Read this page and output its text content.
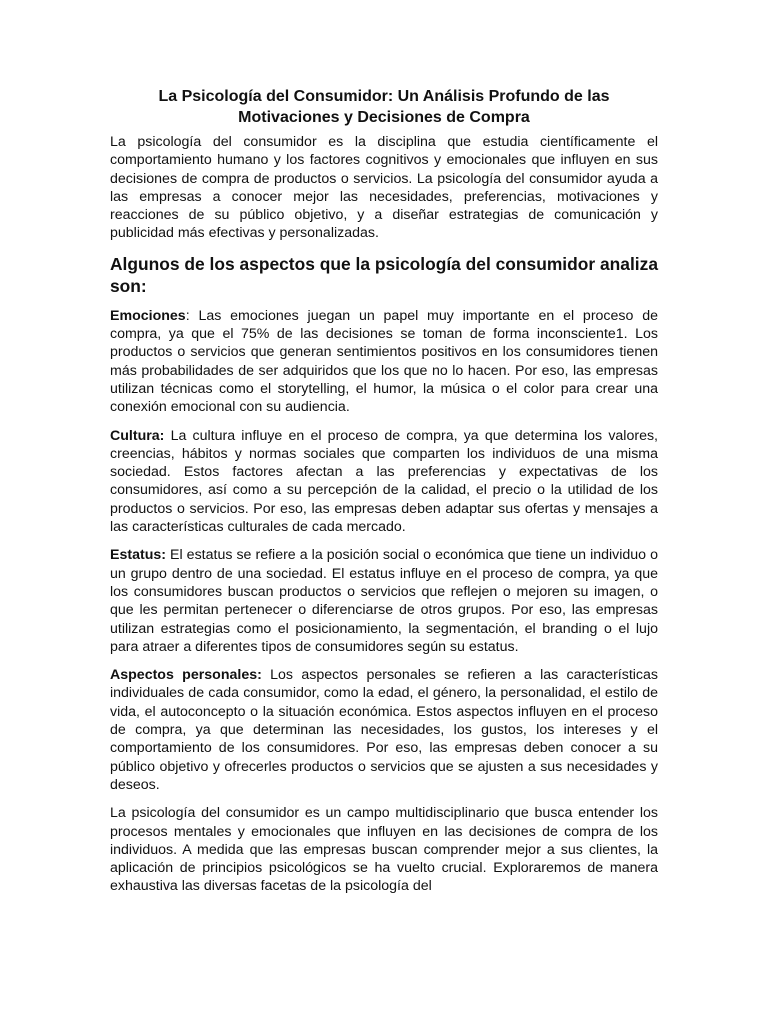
La Psicología del Consumidor: Un Análisis Profundo de las Motivaciones y Decisiones de Compra

La psicología del consumidor es la disciplina que estudia científicamente el comportamiento humano y los factores cognitivos y emocionales que influyen en sus decisiones de compra de productos o servicios. La psicología del consumidor ayuda a las empresas a conocer mejor las necesidades, preferencias, motivaciones y reacciones de su público objetivo, y a diseñar estrategias de comunicación y publicidad más efectivas y personalizadas.

Algunos de los aspectos que la psicología del consumidor analiza son:

Emociones: Las emociones juegan un papel muy importante en el proceso de compra, ya que el 75% de las decisiones se toman de forma inconsciente1. Los productos o servicios que generan sentimientos positivos en los consumidores tienen más probabilidades de ser adquiridos que los que no lo hacen. Por eso, las empresas utilizan técnicas como el storytelling, el humor, la música o el color para crear una conexión emocional con su audiencia.

Cultura: La cultura influye en el proceso de compra, ya que determina los valores, creencias, hábitos y normas sociales que comparten los individuos de una misma sociedad. Estos factores afectan a las preferencias y expectativas de los consumidores, así como a su percepción de la calidad, el precio o la utilidad de los productos o servicios. Por eso, las empresas deben adaptar sus ofertas y mensajes a las características culturales de cada mercado.

Estatus: El estatus se refiere a la posición social o económica que tiene un individuo o un grupo dentro de una sociedad. El estatus influye en el proceso de compra, ya que los consumidores buscan productos o servicios que reflejen o mejoren su imagen, o que les permitan pertenecer o diferenciarse de otros grupos. Por eso, las empresas utilizan estrategias como el posicionamiento, la segmentación, el branding o el lujo para atraer a diferentes tipos de consumidores según su estatus.

Aspectos personales: Los aspectos personales se refieren a las características individuales de cada consumidor, como la edad, el género, la personalidad, el estilo de vida, el autoconcepto o la situación económica. Estos aspectos influyen en el proceso de compra, ya que determinan las necesidades, los gustos, los intereses y el comportamiento de los consumidores. Por eso, las empresas deben conocer a su público objetivo y ofrecerles productos o servicios que se ajusten a sus necesidades y deseos.

La psicología del consumidor es un campo multidisciplinario que busca entender los procesos mentales y emocionales que influyen en las decisiones de compra de los individuos. A medida que las empresas buscan comprender mejor a sus clientes, la aplicación de principios psicológicos se ha vuelto crucial. Exploraremos de manera exhaustiva las diversas facetas de la psicología del
